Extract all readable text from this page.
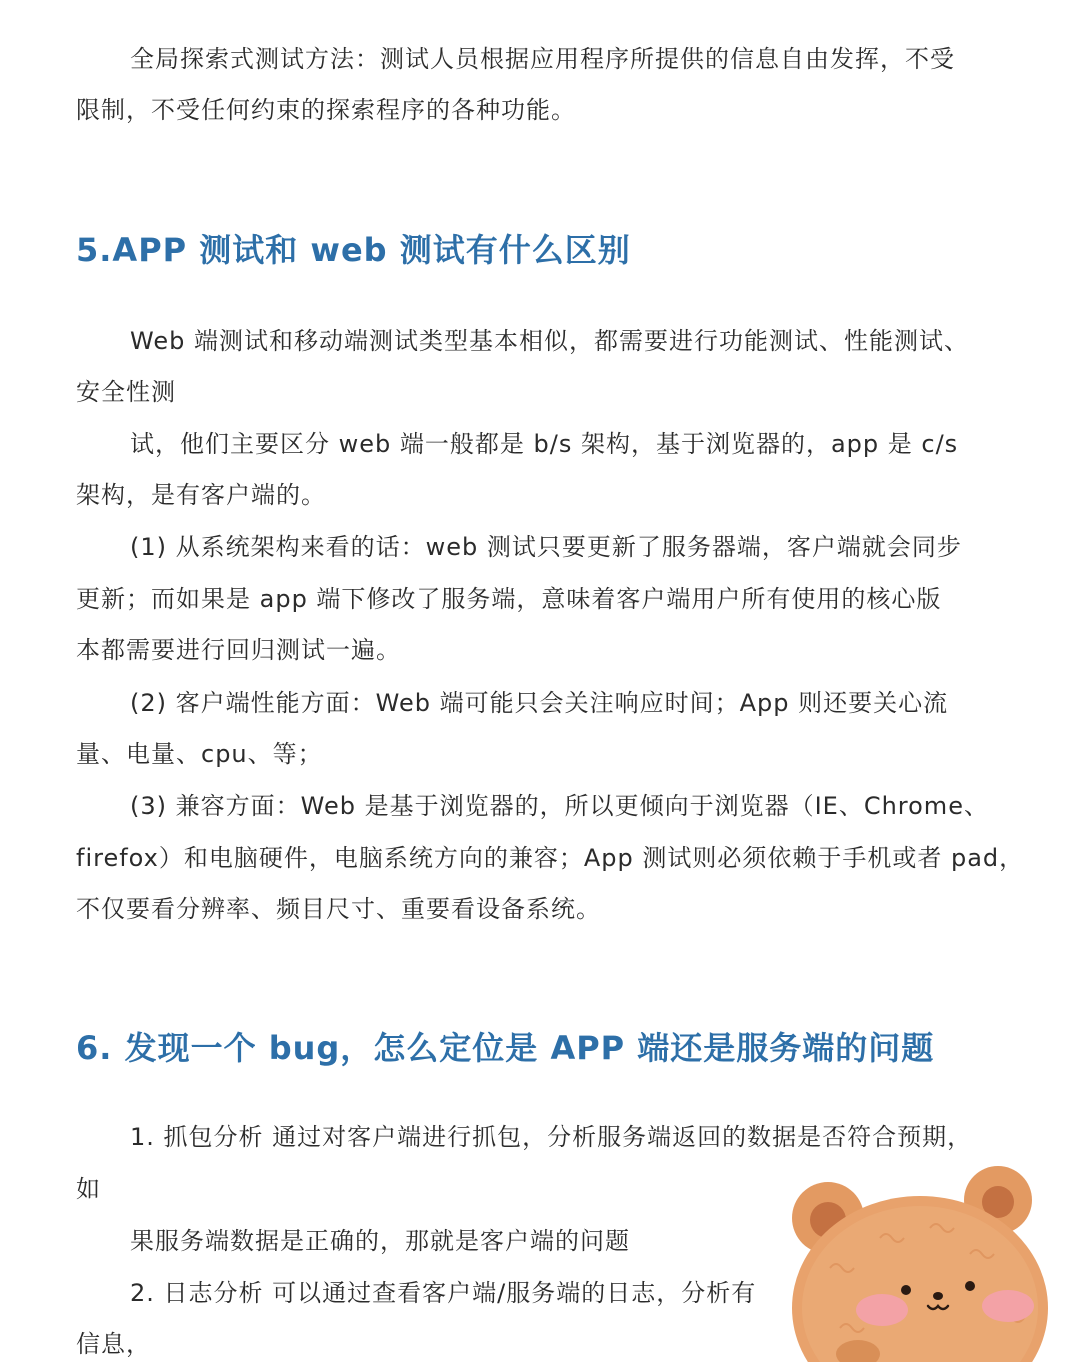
全局探索式测试方法：测试人员根据应用程序所提供的信息自由发挥，不受
限制，不受任何约束的探索程序的各种功能。
5.APP 测试和 web 测试有什么区别
Web 端测试和移动端测试类型基本相似，都需要进行功能测试、性能测试、
安全性测
试，他们主要区分 web 端一般都是 b/s 架构，基于浏览器的，app 是 c/s
架构，是有客户端的。
(1) 从系统架构来看的话：web 测试只要更新了服务器端，客户端就会同步
更新；而如果是 app 端下修改了服务端，意味着客户端用户所有使用的核心版
本都需要进行回归测试一遍。
(2) 客户端性能方面：Web 端可能只会关注响应时间；App 则还要关心流
量、电量、cpu、等；
(3) 兼容方面：Web 是基于浏览器的，所以更倾向于浏览器（IE、Chrome、
firefox）和电脑硬件，电脑系统方向的兼容；App 测试则必须依赖于手机或者 pad，
不仅要看分辨率、频目尺寸、重要看设备系统。
6. 发现一个 bug，怎么定位是 APP 端还是服务端的问题
1. 抓包分析 通过对客户端进行抓包，分析服务端返回的数据是否符合预期，
如
果服务端数据是正确的，那就是客户端的问题
2. 日志分析 可以通过查看客户端/服务端的日志，分析有
信息，
